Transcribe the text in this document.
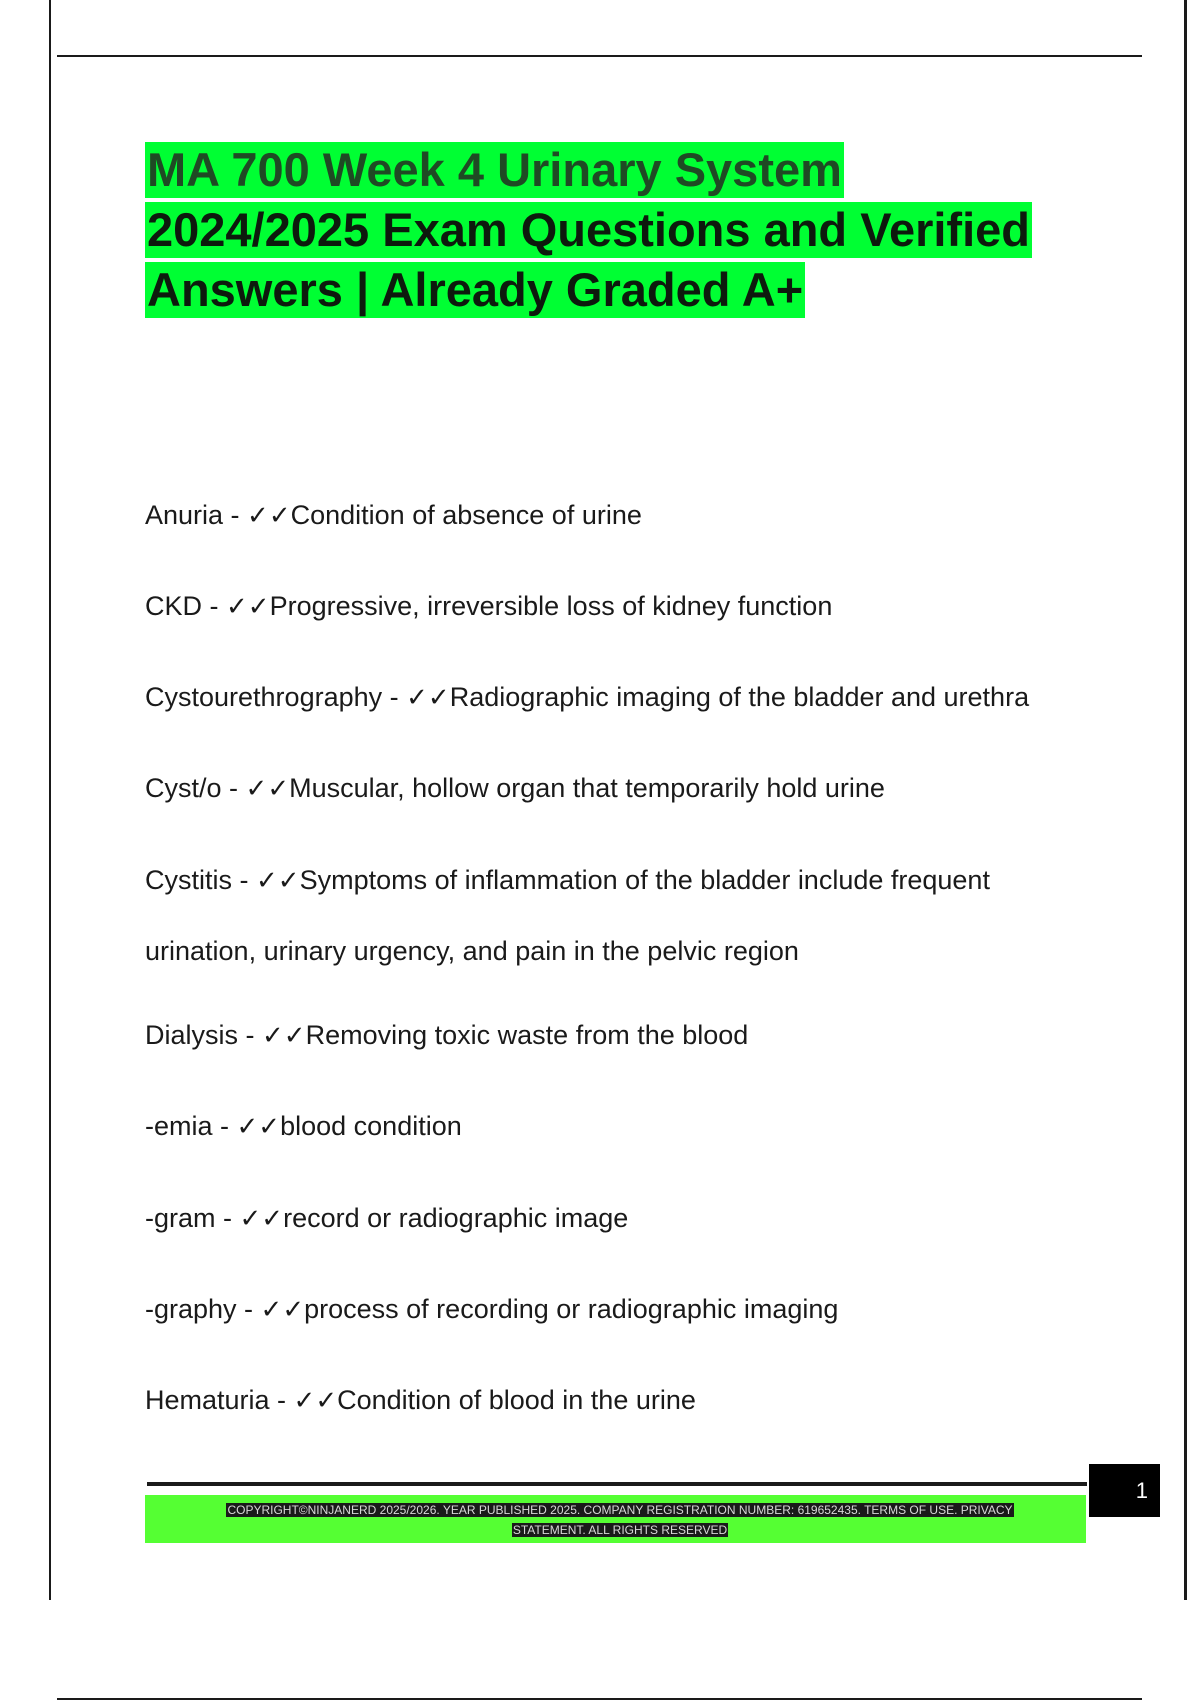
MA 700 Week 4 Urinary System
2024/2025 Exam Questions and Verified
Answers | Already Graded A+
Anuria - ✓✓Condition of absence of urine
CKD - ✓✓Progressive, irreversible loss of kidney function
Cystourethrography - ✓✓Radiographic imaging of the bladder and urethra
Cyst/o - ✓✓Muscular, hollow organ that temporarily hold urine
Cystitis - ✓✓Symptoms of inflammation of the bladder include frequent
urination, urinary urgency, and pain in the pelvic region
Dialysis - ✓✓Removing toxic waste from the blood
-emia - ✓✓blood condition
-gram - ✓✓record or radiographic image
-graphy - ✓✓process of recording or radiographic imaging
Hematuria - ✓✓Condition of blood in the urine
1
COPYRIGHT©NINJANERD 2025/2026. YEAR PUBLISHED 2025. COMPANY REGISTRATION NUMBER: 619652435. TERMS OF USE. PRIVACY
STATEMENT. ALL RIGHTS RESERVED
